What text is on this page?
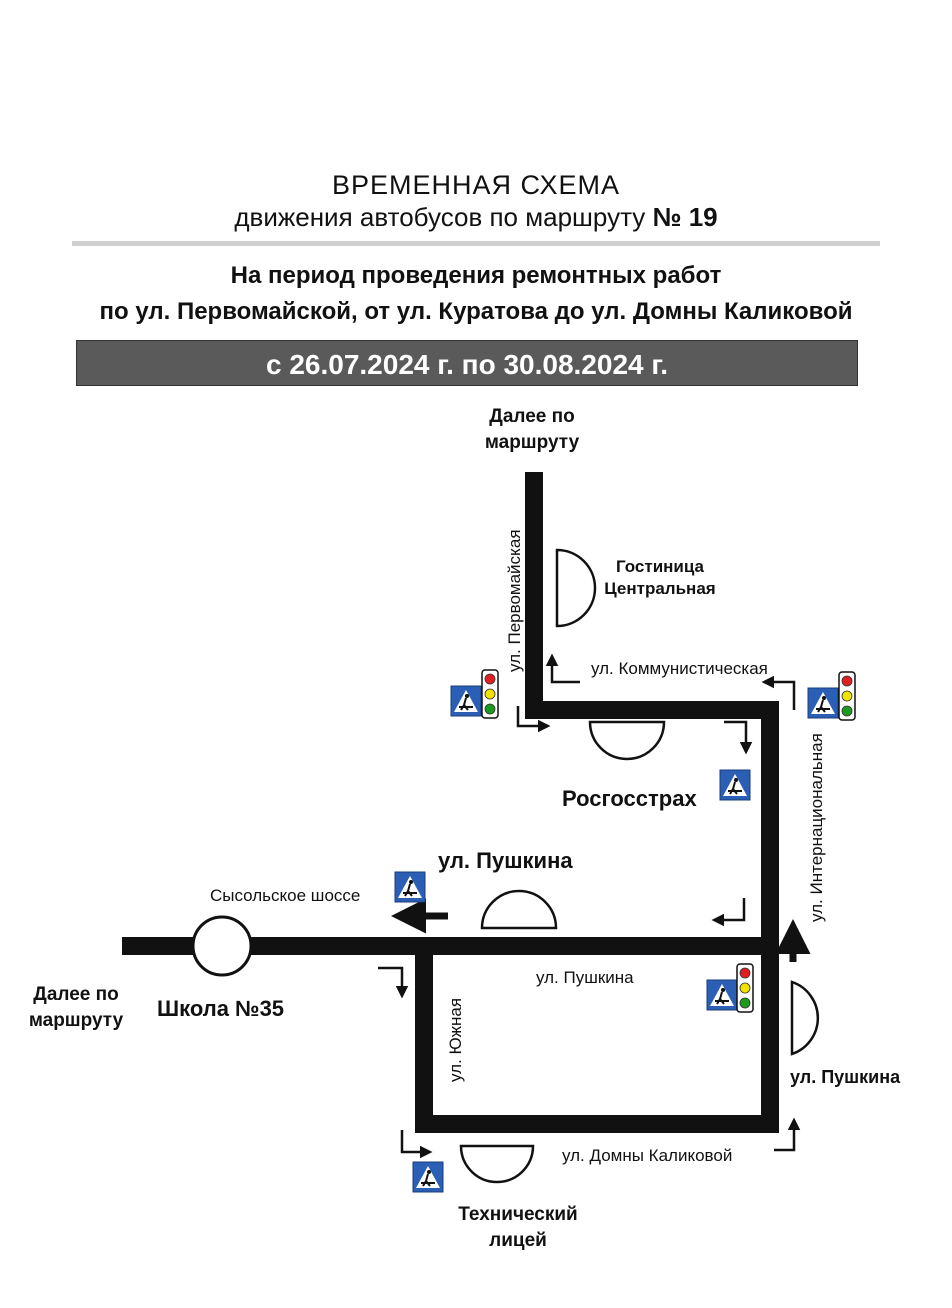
ВРЕМЕННАЯ СХЕМА
движения автобусов по маршруту № 19
На период проведения ремонтных работ
по ул. Первомайской, от ул. Куратова до ул. Домны Каликовой
с 26.07.2024 г. по 30.08.2024 г.
Далее по
маршруту
Гостиница
Центральная
ул. Первомайская	ул. Коммунистическая
Росгосстрах	ул. Интернациональная
ул. Пушкина
Сысольское шоссе
Далее по
маршруту	Школа №35
ул. Пушкина
ул. Южная	ул. Пушкина
ул. Домны Каликовой
Технический
лицей
